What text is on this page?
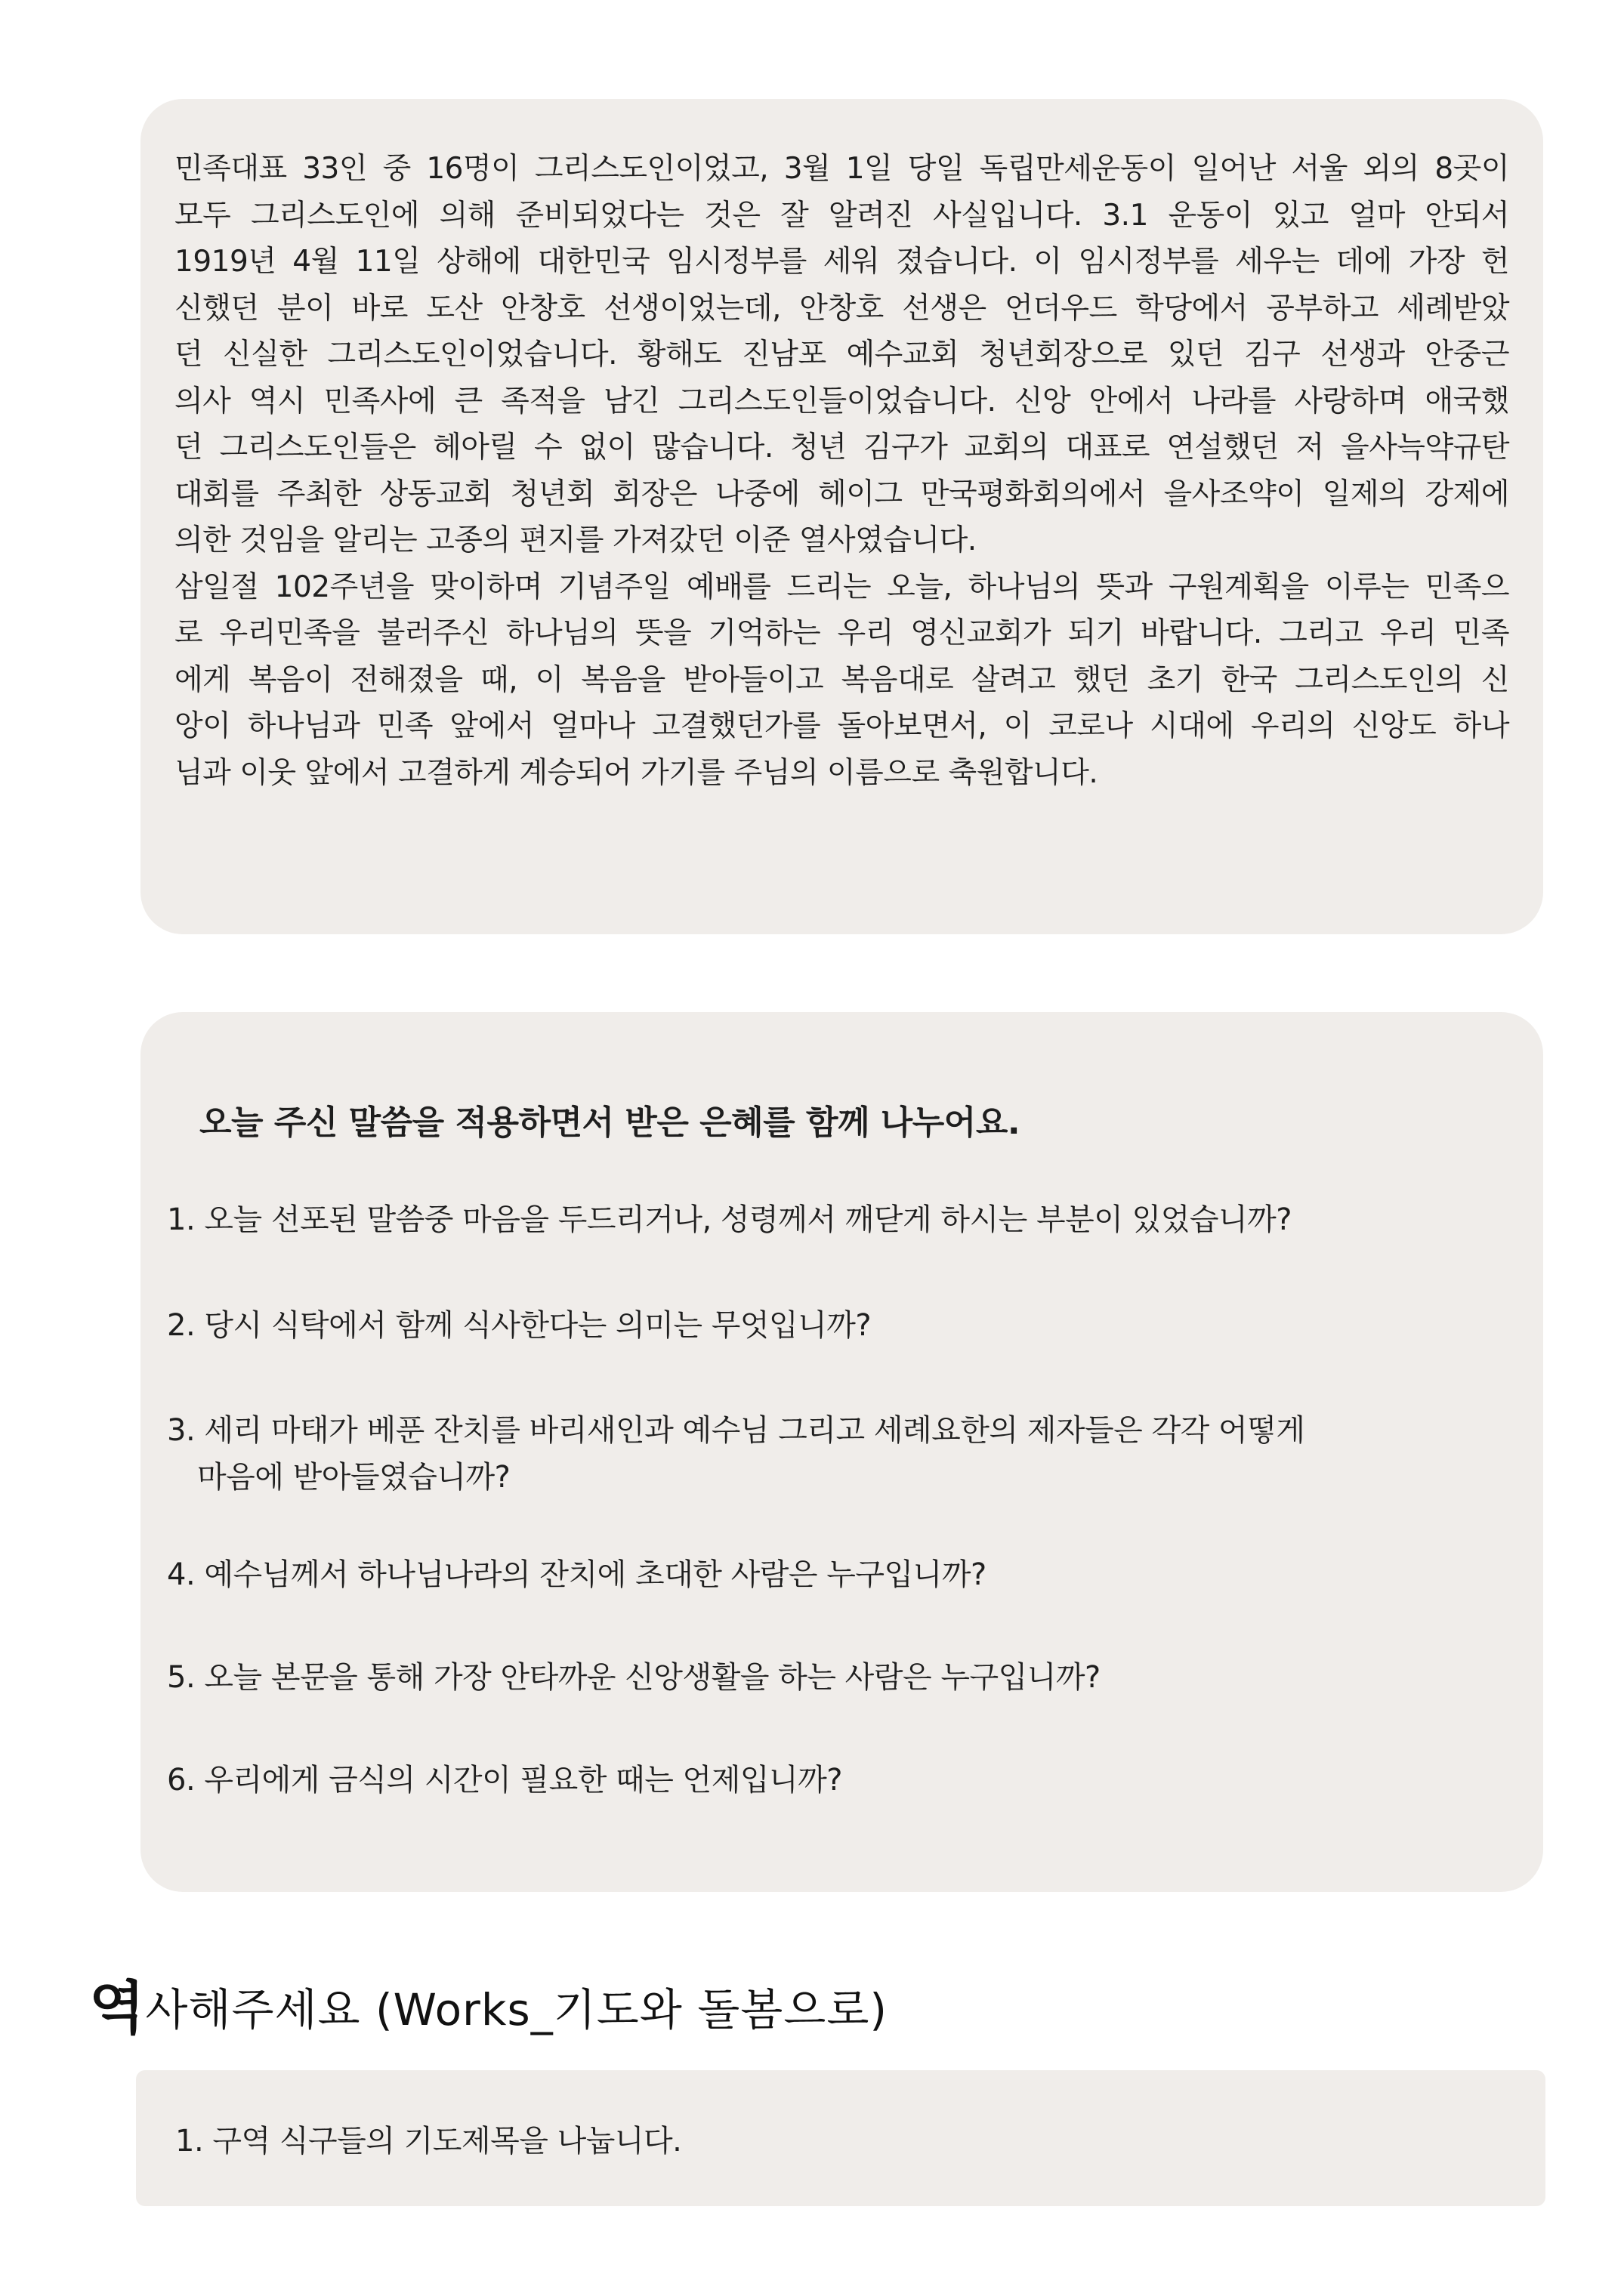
민족대표 33인 중 16명이 그리스도인이었고, 3월 1일 당일 독립만세운동이 일어난 서울 외의 8곳이
모두 그리스도인에 의해 준비되었다는 것은 잘 알려진 사실입니다. 3.1 운동이 있고 얼마 안되서
1919년 4월 11일 상해에 대한민국 임시정부를 세워 졌습니다. 이 임시정부를 세우는 데에 가장 헌
신했던 분이 바로 도산 안창호 선생이었는데, 안창호 선생은 언더우드 학당에서 공부하고 세례받았
던 신실한 그리스도인이었습니다. 황해도 진남포 예수교회 청년회장으로 있던 김구 선생과 안중근
의사 역시 민족사에 큰 족적을 남긴 그리스도인들이었습니다. 신앙 안에서 나라를 사랑하며 애국했
던 그리스도인들은 헤아릴 수 없이 많습니다. 청년 김구가 교회의 대표로 연설했던 저 을사늑약규탄
대회를 주최한 상동교회 청년회 회장은 나중에 헤이그 만국평화회의에서 을사조약이 일제의 강제에
의한 것임을 알리는 고종의 편지를 가져갔던 이준 열사였습니다.
삼일절 102주년을 맞이하며 기념주일 예배를 드리는 오늘, 하나님의 뜻과 구원계획을 이루는 민족으
로 우리민족을 불러주신 하나님의 뜻을 기억하는 우리 영신교회가 되기 바랍니다. 그리고 우리 민족
에게 복음이 전해졌을 때, 이 복음을 받아들이고 복음대로 살려고 했던 초기 한국 그리스도인의 신
앙이 하나님과 민족 앞에서 얼마나 고결했던가를 돌아보면서, 이 코로나 시대에 우리의 신앙도 하나
님과 이웃 앞에서 고결하게 계승되어 가기를 주님의 이름으로 축원합니다.
오늘 주신 말씀을 적용하면서 받은 은혜를 함께 나누어요.
1. 오늘 선포된 말씀중 마음을 두드리거나, 성령께서 깨닫게 하시는 부분이 있었습니까?
2. 당시 식탁에서 함께 식사한다는 의미는 무엇입니까?
3. 세리 마태가 베푼 잔치를 바리새인과 예수님 그리고 세례요한의 제자들은 각각 어떻게
마음에 받아들였습니까?
4. 예수님께서 하나님나라의 잔치에 초대한 사람은 누구입니까?
5. 오늘 본문을 통해 가장 안타까운 신앙생활을 하는 사람은 누구입니까?
6. 우리에게 금식의 시간이 필요한 때는 언제입니까?
역사해주세요 (Works_기도와 돌봄으로)
1. 구역 식구들의 기도제목을 나눕니다.
